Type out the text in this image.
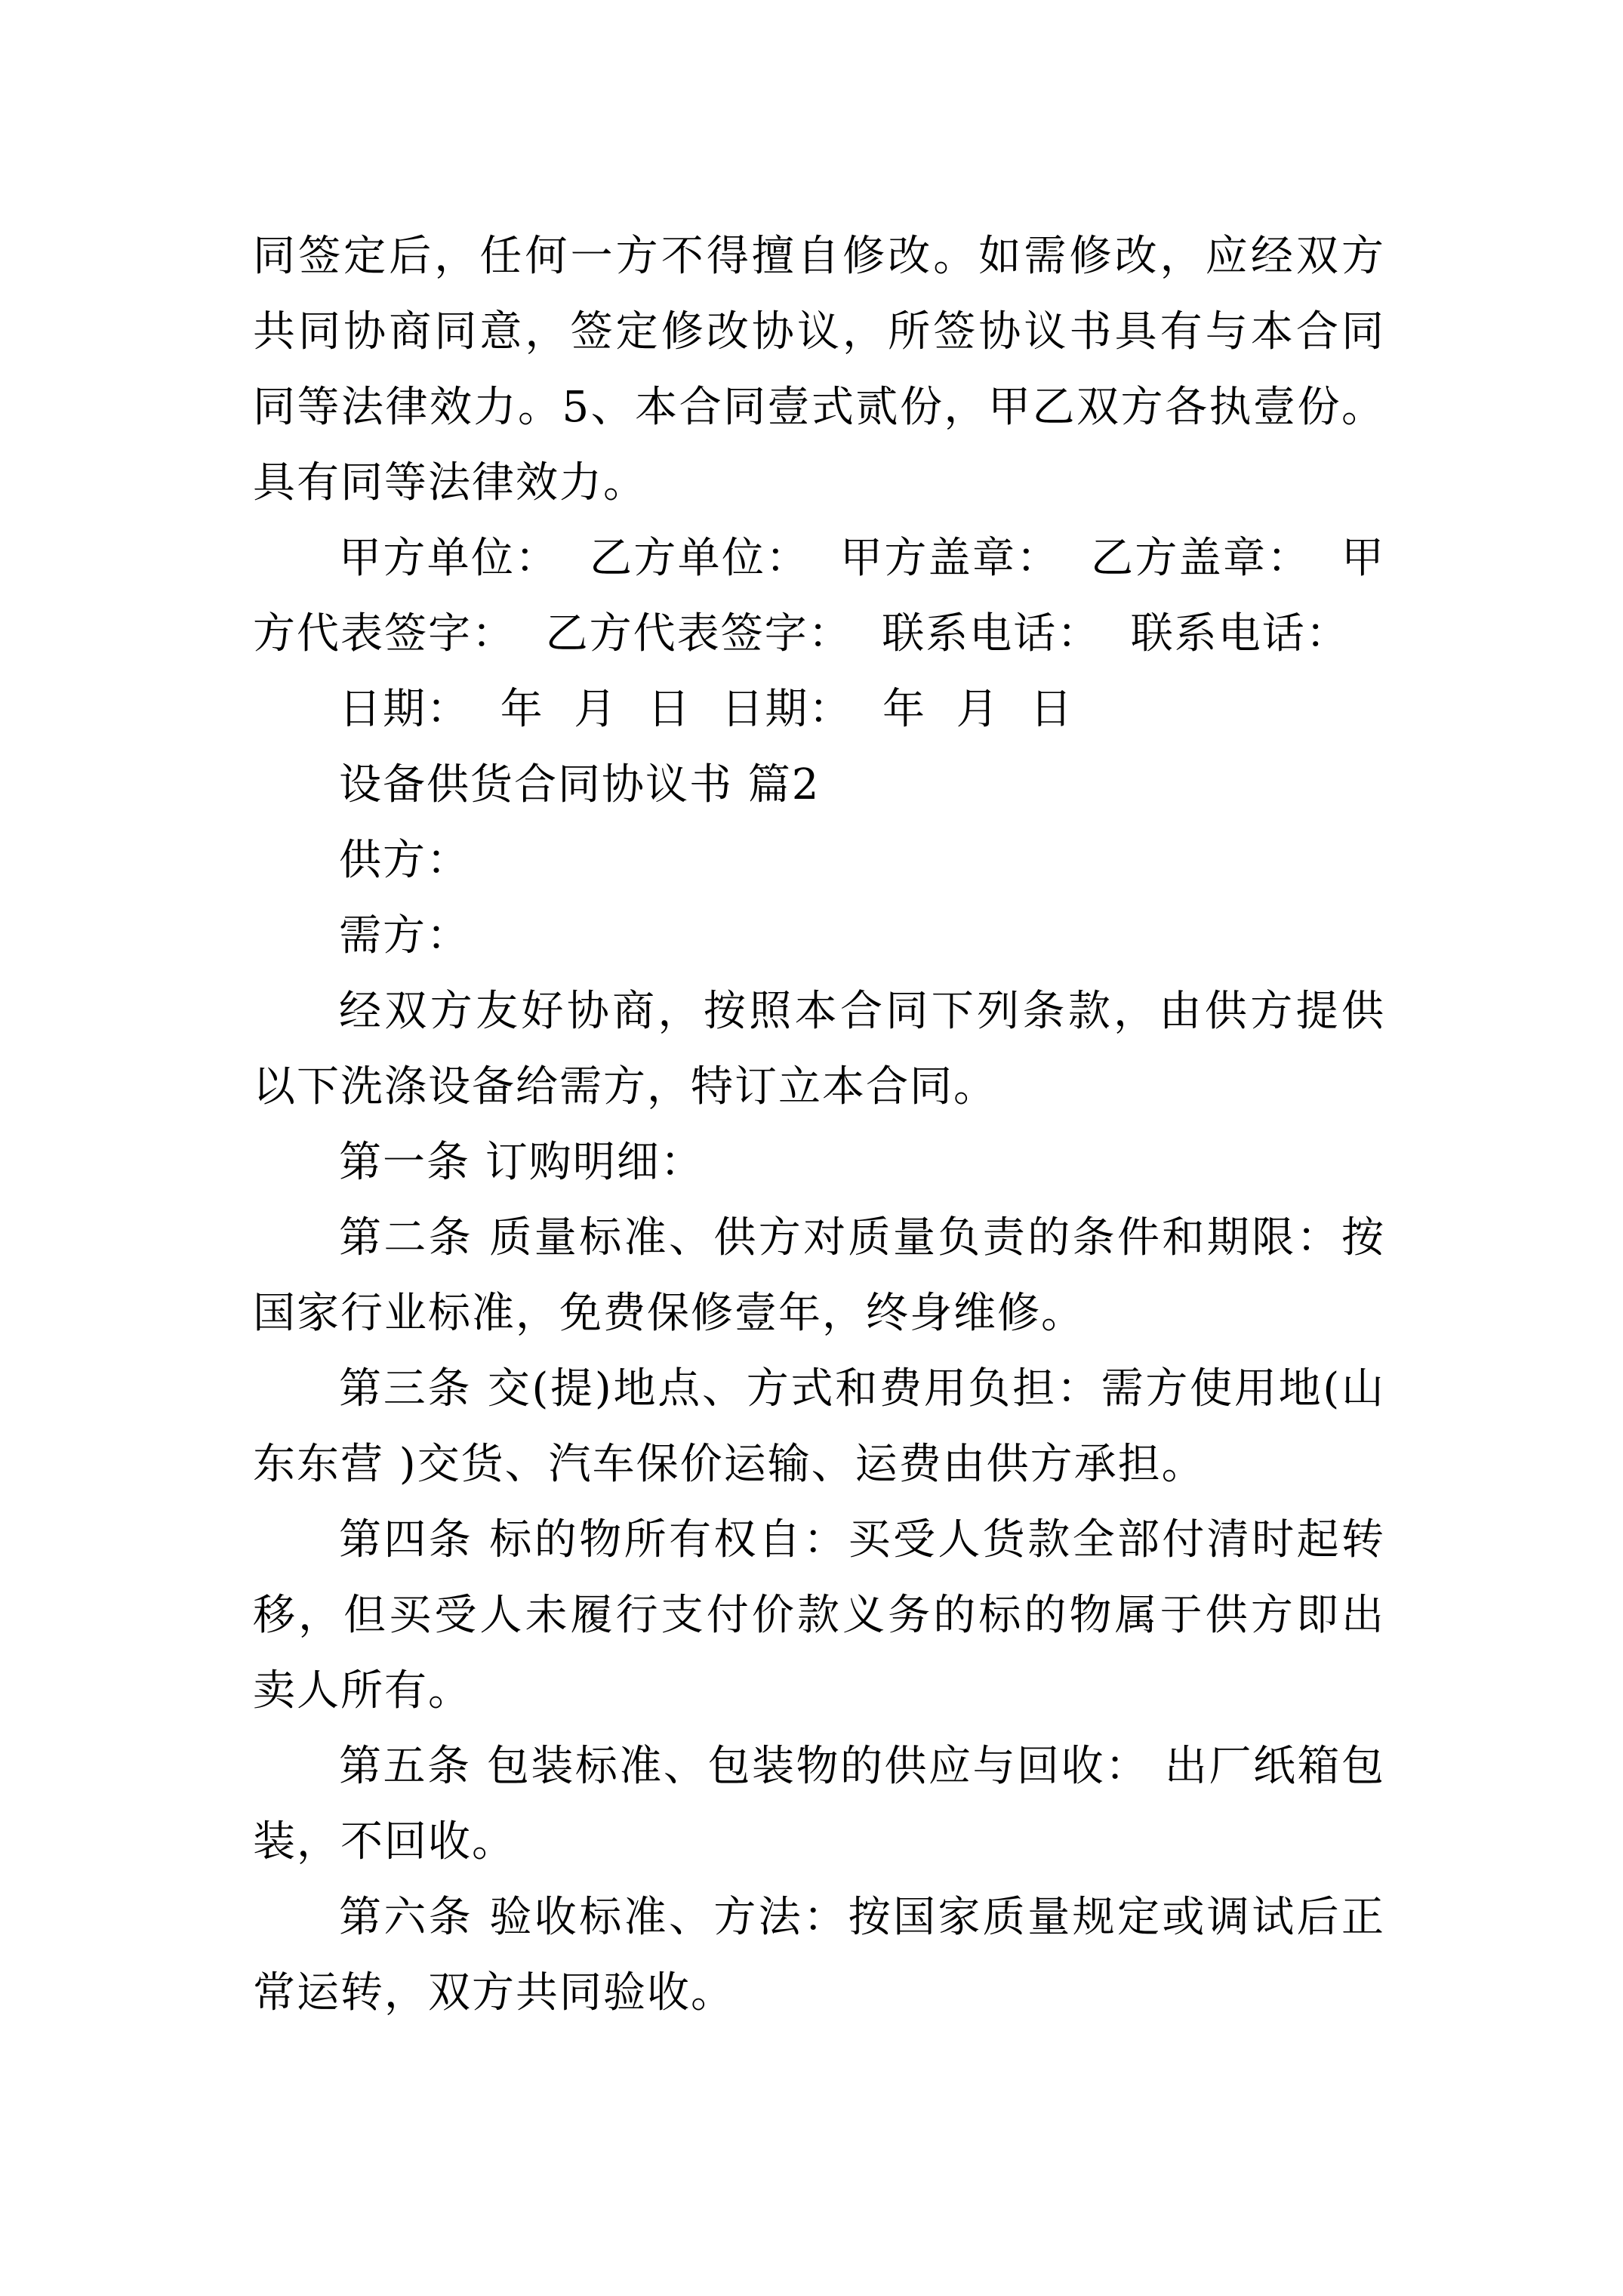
同签定后，任何一方不得擅自修改。如需修改，应经双方共同协商同意，签定修改协议，所签协议书具有与本合同同等法律效力。5、本合同壹式贰份，甲乙双方各执壹份。具有同等法律效力。

甲方单位：  乙方单位：  甲方盖章：  乙方盖章：  甲方代表签字：  乙方代表签字：  联系电话：  联系电话：

日期：  年  月  日  日期：  年  月  日

设备供货合同协议书 篇2

供方：

需方：

经双方友好协商，按照本合同下列条款，由供方提供以下洗涤设备给需方，特订立本合同。

第一条 订购明细：

第二条 质量标准、供方对质量负责的条件和期限：按国家行业标准，免费保修壹年，终身维修。

第三条 交(提)地点、方式和费用负担：需方使用地(山东东营 )交货、汽车保价运输、运费由供方承担。

第四条 标的物所有权自：买受人货款全部付清时起转移，但买受人未履行支付价款义务的标的物属于供方即出卖人所有。

第五条 包装标准、包装物的供应与回收： 出厂纸箱包装，不回收。

第六条 验收标准、方法：按国家质量规定或调试后正常运转，双方共同验收。
